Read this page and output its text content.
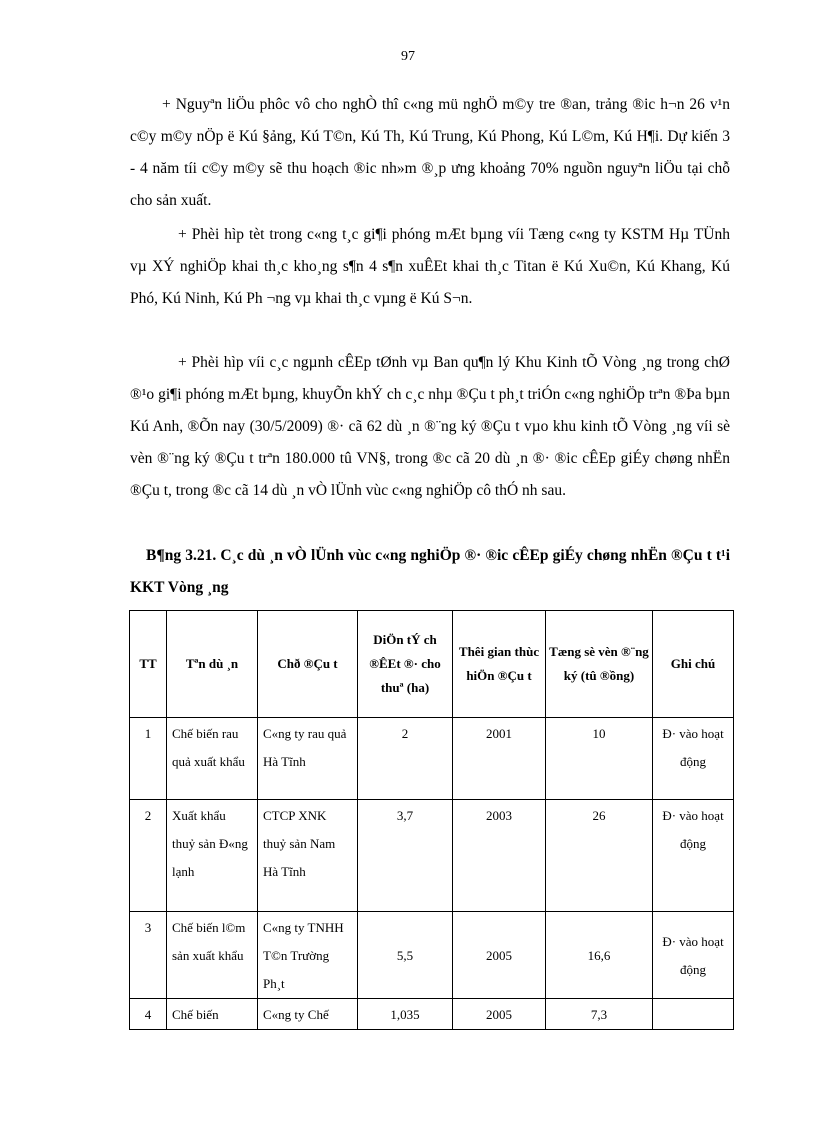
97

+ Nguyªn liÖu phôc vô cho nghÒ thî c«ng mü nghÖ m©y tre ®an, trảng ®ic h¬n 26 v¹n c©y m©y nÖp ë Kú §ảng, Kú T©n, Kú Th, Kú Trung, Kú Phong, Kú L©m, Kú H¶i. Dự kiến 3 - 4 năm tíi c©y m©y sẽ thu hoạch ®ic nh»m ®¸p ưng khoảng 70% nguồn nguyªn liÖu tại chỗ cho sản xuất.

+ Phèi hìp tèt trong c«ng t¸c gi¶i phóng mÆt bµng víi Tæng c«ng ty KSTM Hµ TÜnh vµ XÝ nghiÖp khai th¸c kho¸ng s¶n 4 s¶n xuÊEt khai th¸c Titan ë Kú Xu©n, Kú Khang, Kú Phó, Kú Ninh, Kú Ph ¬ng vµ khai th¸c vµng ë Kú S¬n.

+ Phèi hìp víi c¸c ngµnh cÊEp tØnh vµ Ban qu¶n lý Khu Kinh tÕ Vòng ¸ng trong chØ ®¹o gi¶i phóng mÆt bµng, khuyÕn khÝ ch c¸c nhµ ®Çu t ph¸t triÓn c«ng nghiÖp trªn ®Þa bµn Kú Anh, ®Õn nay (30/5/2009) ®· cã 62 dù ¸n ®¨ng ký ®Çu t vµo khu kinh tÕ Vòng ¸ng víi sè vèn ®¨ng ký ®Çu t trªn 180.000 tû VN§, trong ®c cã 20 dù ¸n ®· ®ic cÊEp giÉy chøng nhËn ®Çu t, trong ®c cã 14 dù ¸n vÒ lÜnh vùc c«ng nghiÖp cô thÓ nh sau.

B¶ng 3.21. C¸c dù ¸n vÒ lÜnh vùc c«ng nghiÖp ®· ®ic cÊEp giÉy chøng nhËn ®Çu t t¹i KKT Vòng ¸ng

TT	Tªn dù ¸n	Chð ®Çu t	DiÖn tÝ ch ®ÊEt ®· cho thuª (ha)	Thêi gian thùc hiÖn ®Çu t	Tæng sè vèn ®¨ng ký (tû ®ồng)	Ghi chú
1	Chế biến rau quả xuất khẩu	C«ng ty rau quả Hà Tĩnh	2	2001	10	Đ· vào hoạt động
2	Xuất khẩu thuỷ sản Đ«ng lạnh	CTCP XNK thuỷ sản Nam Hà Tĩnh	3,7	2003	26	Đ· vào hoạt động
3	Chế biến l©m sản xuất khẩu	C«ng ty TNHH T©n Trường Ph¸t	5,5	2005	16,6	Đ· vào hoạt động
4	Chế biến	C«ng ty Chế	1,035	2005	7,3	
